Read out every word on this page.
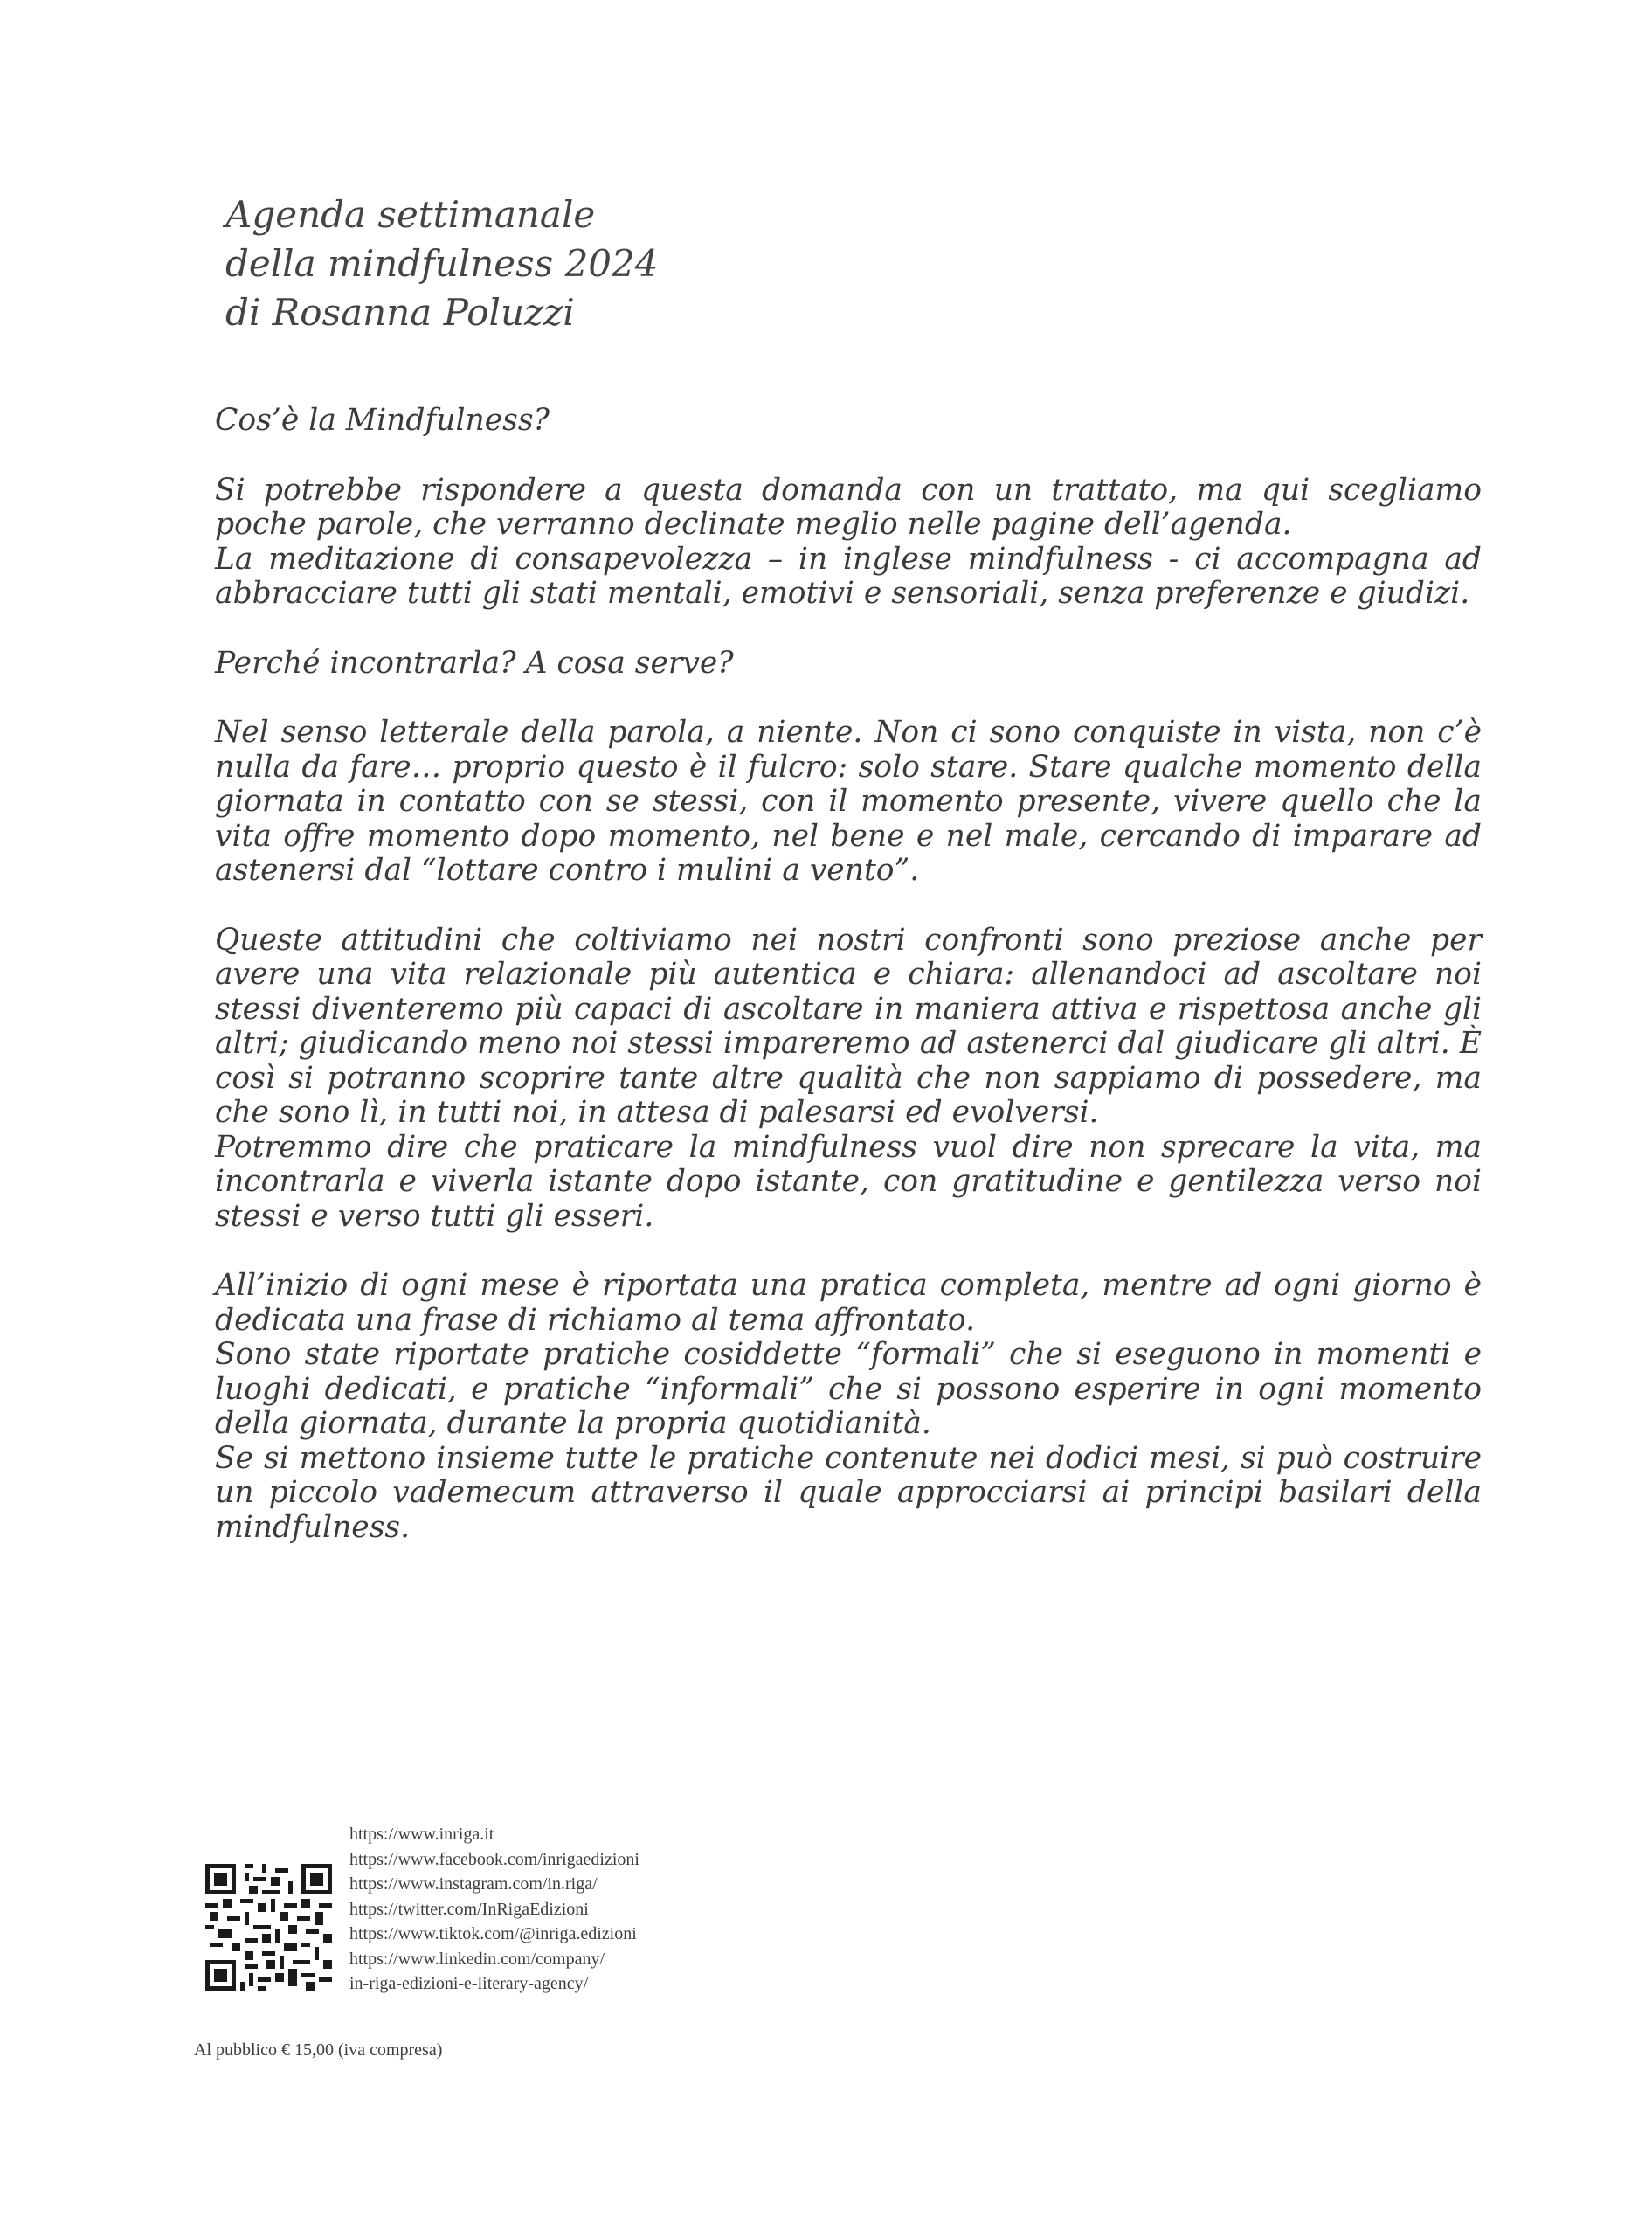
Agenda settimanale
della mindfulness 2024
di Rosanna Poluzzi

Cos’è la Mindfulness?

Si potrebbe rispondere a questa domanda con un trattato, ma qui scegliamo poche parole, che verranno declinate meglio nelle pagine dell’agenda.
La meditazione di consapevolezza – in inglese mindfulness - ci accompagna ad abbracciare tutti gli stati mentali, emotivi e sensoriali, senza preferenze e giudizi.

Perché incontrarla? A cosa serve?

Nel senso letterale della parola, a niente. Non ci sono conquiste in vista, non c’è nulla da fare… proprio questo è il fulcro: solo stare. Stare qualche momento della giornata in contatto con se stessi, con il momento presente, vivere quello che la vita offre momento dopo momento, nel bene e nel male, cercando di imparare ad astenersi dal “lottare contro i mulini a vento”.

Queste attitudini che coltiviamo nei nostri confronti sono preziose anche per avere una vita relazionale più autentica e chiara: allenandoci ad ascoltare noi stessi diventeremo più capaci di ascoltare in maniera attiva e rispettosa anche gli altri; giudicando meno noi stessi impareremo ad astenerci dal giudicare gli altri. È così si potranno scoprire tante altre qualità che non sappiamo di possedere, ma che sono lì, in tutti noi, in attesa di palesarsi ed evolversi.
Potremmo dire che praticare la mindfulness vuol dire non sprecare la vita, ma incontrarla e viverla istante dopo istante, con gratitudine e gentilezza verso noi stessi e verso tutti gli esseri.

All’inizio di ogni mese è riportata una pratica completa, mentre ad ogni giorno è dedicata una frase di richiamo al tema affrontato.
Sono state riportate pratiche cosiddette “formali” che si eseguono in momenti e luoghi dedicati, e pratiche “informali” che si possono esperire in ogni momento della giornata, durante la propria quotidianità.
Se si mettono insieme tutte le pratiche contenute nei dodici mesi, si può costruire un piccolo vademecum attraverso il quale approcciarsi ai principi basilari della mindfulness.

https://www.inriga.it
https://www.facebook.com/inrigaedizioni
https://www.instagram.com/in.riga/
https://twitter.com/InRigaEdizioni
https://www.tiktok.com/@inriga.edizioni
https://www.linkedin.com/company/
in-riga-edizioni-e-literary-agency/
Al pubblico € 15,00 (iva compresa)
